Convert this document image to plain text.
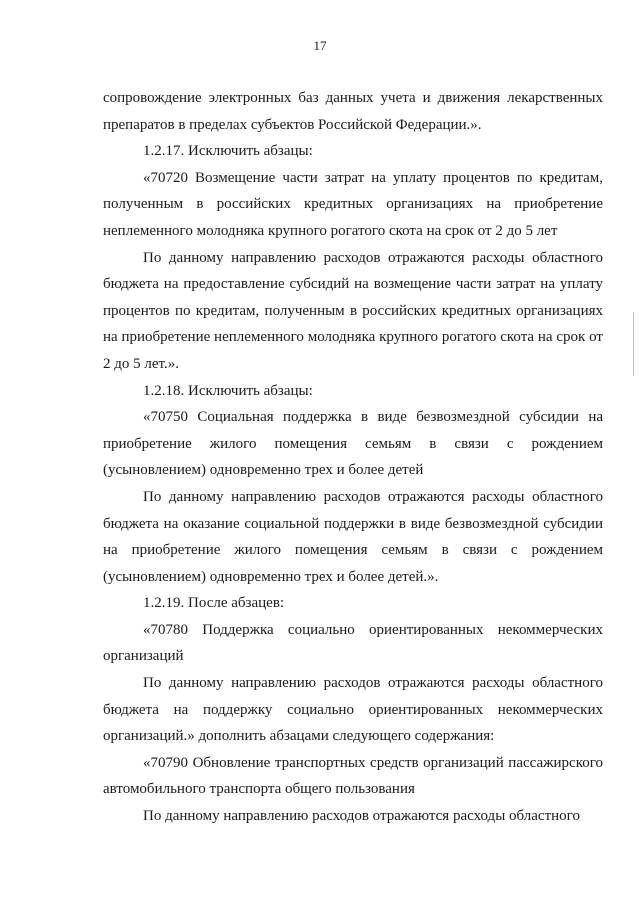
17

сопровождение электронных баз данных учета и движения лекарственных препаратов в пределах субъектов Российской Федерации.».

1.2.17. Исключить абзацы:

«70720 Возмещение части затрат на уплату процентов по кредитам, полученным в российских кредитных организациях на приобретение неплеменного молодняка крупного рогатого скота на срок от 2 до 5 лет

По данному направлению расходов отражаются расходы областного бюджета на предоставление субсидий на возмещение части затрат на уплату процентов по кредитам, полученным в российских кредитных организациях на приобретение неплеменного молодняка крупного рогатого скота на срок от 2 до 5 лет.».

1.2.18. Исключить абзацы:

«70750 Социальная поддержка в виде безвозмездной субсидии на приобретение жилого помещения семьям в связи с рождением (усыновлением) одновременно трех и более детей

По данному направлению расходов отражаются расходы областного бюджета на оказание социальной поддержки в виде безвозмездной субсидии на приобретение жилого помещения семьям в связи с рождением (усыновлением) одновременно трех и более детей.».

1.2.19. После абзацев:

«70780 Поддержка социально ориентированных некоммерческих организаций

По данному направлению расходов отражаются расходы областного бюджета на поддержку социально ориентированных некоммерческих организаций.» дополнить абзацами следующего содержания:

«70790 Обновление транспортных средств организаций пассажирского автомобильного транспорта общего пользования

По данному направлению расходов отражаются расходы областного
